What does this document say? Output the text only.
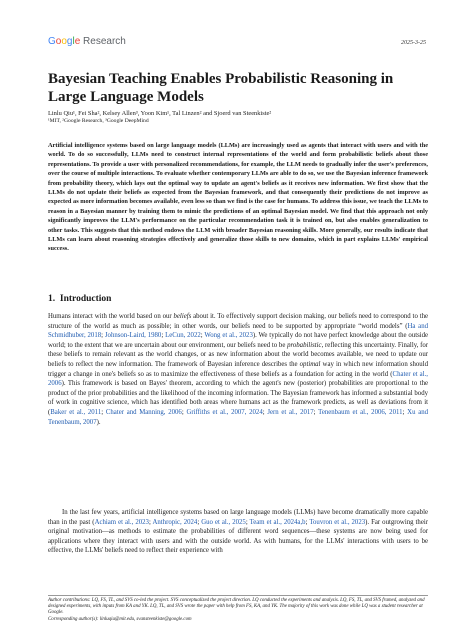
Google Research	2025-3-25
Bayesian Teaching Enables Probabilistic Reasoning in Large Language Models
Linlu Qiu¹, Fei Sha², Kelsey Allen³, Yoon Kim¹, Tal Linzen² and Sjoerd van Steenkiste²
¹MIT, ²Google Research, ³Google DeepMind
Artificial intelligence systems based on large language models (LLMs) are increasingly used as agents that interact with users and with the world. To do so successfully, LLMs need to construct internal representations of the world and form probabilistic beliefs about those representations. To provide a user with personalized recommendations, for example, the LLM needs to gradually infer the user's preferences, over the course of multiple interactions. To evaluate whether contemporary LLMs are able to do so, we use the Bayesian inference framework from probability theory, which lays out the optimal way to update an agent's beliefs as it receives new information. We first show that the LLMs do not update their beliefs as expected from the Bayesian framework, and that consequently their predictions do not improve as expected as more information becomes available, even less so than we find is the case for humans. To address this issue, we teach the LLMs to reason in a Bayesian manner by training them to mimic the predictions of an optimal Bayesian model. We find that this approach not only significantly improves the LLM's performance on the particular recommendation task it is trained on, but also enables generalization to other tasks. This suggests that this method endows the LLM with broader Bayesian reasoning skills. More generally, our results indicate that LLMs can learn about reasoning strategies effectively and generalize those skills to new domains, which in part explains LLMs' empirical success.
1. Introduction
Humans interact with the world based on our beliefs about it. To effectively support decision making, our beliefs need to correspond to the structure of the world as much as possible; in other words, our beliefs need to be supported by appropriate “world models” (Ha and Schmidhuber, 2018; Johnson-Laird, 1980; LeCun, 2022; Wong et al., 2023). We typically do not have perfect knowledge about the outside world; to the extent that we are uncertain about our environment, our beliefs need to be probabilistic, reflecting this uncertainty. Finally, for these beliefs to remain relevant as the world changes, or as new information about the world becomes available, we need to update our beliefs to reflect the new information. The framework of Bayesian inference describes the optimal way in which new information should trigger a change in one's beliefs so as to maximize the effectiveness of these beliefs as a foundation for acting in the world (Chater et al., 2006). This framework is based on Bayes' theorem, according to which the agent's new (posterior) probabilities are proportional to the product of the prior probabilities and the likelihood of the incoming information. The Bayesian framework has informed a substantial body of work in cognitive science, which has identified both areas where humans act as the framework predicts, as well as deviations from it (Baker et al., 2011; Chater and Manning, 2006; Griffiths et al., 2007, 2024; Jern et al., 2017; Tenenbaum et al., 2006, 2011; Xu and Tenenbaum, 2007).
In the last few years, artificial intelligence systems based on large language models (LLMs) have become dramatically more capable than in the past (Achiam et al., 2023; Anthropic, 2024; Guo et al., 2025; Team et al., 2024a,b; Touvron et al., 2023). Far outgrowing their original motivation—as methods to estimate the probabilities of different word sequences—these systems are now being used for applications where they interact with users and with the outside world. As with humans, for the LLMs' interactions with users to be effective, the LLMs' beliefs need to reflect their experience with
Author contributions: LQ, FS, TL, and SVS co-led the project. SVS conceptualized the project direction. LQ conducted the experiments and analysis. LQ, FS, TL, and SVS framed, analyzed and designed experiments, with inputs from KA and YK. LQ, TL, and SVS wrote the paper with help from FS, KA, and YK. The majority of this work was done while LQ was a student researcher at Google.
Corresponding author(s): linluqiu@mit.edu, svansteenkiste@google.com
